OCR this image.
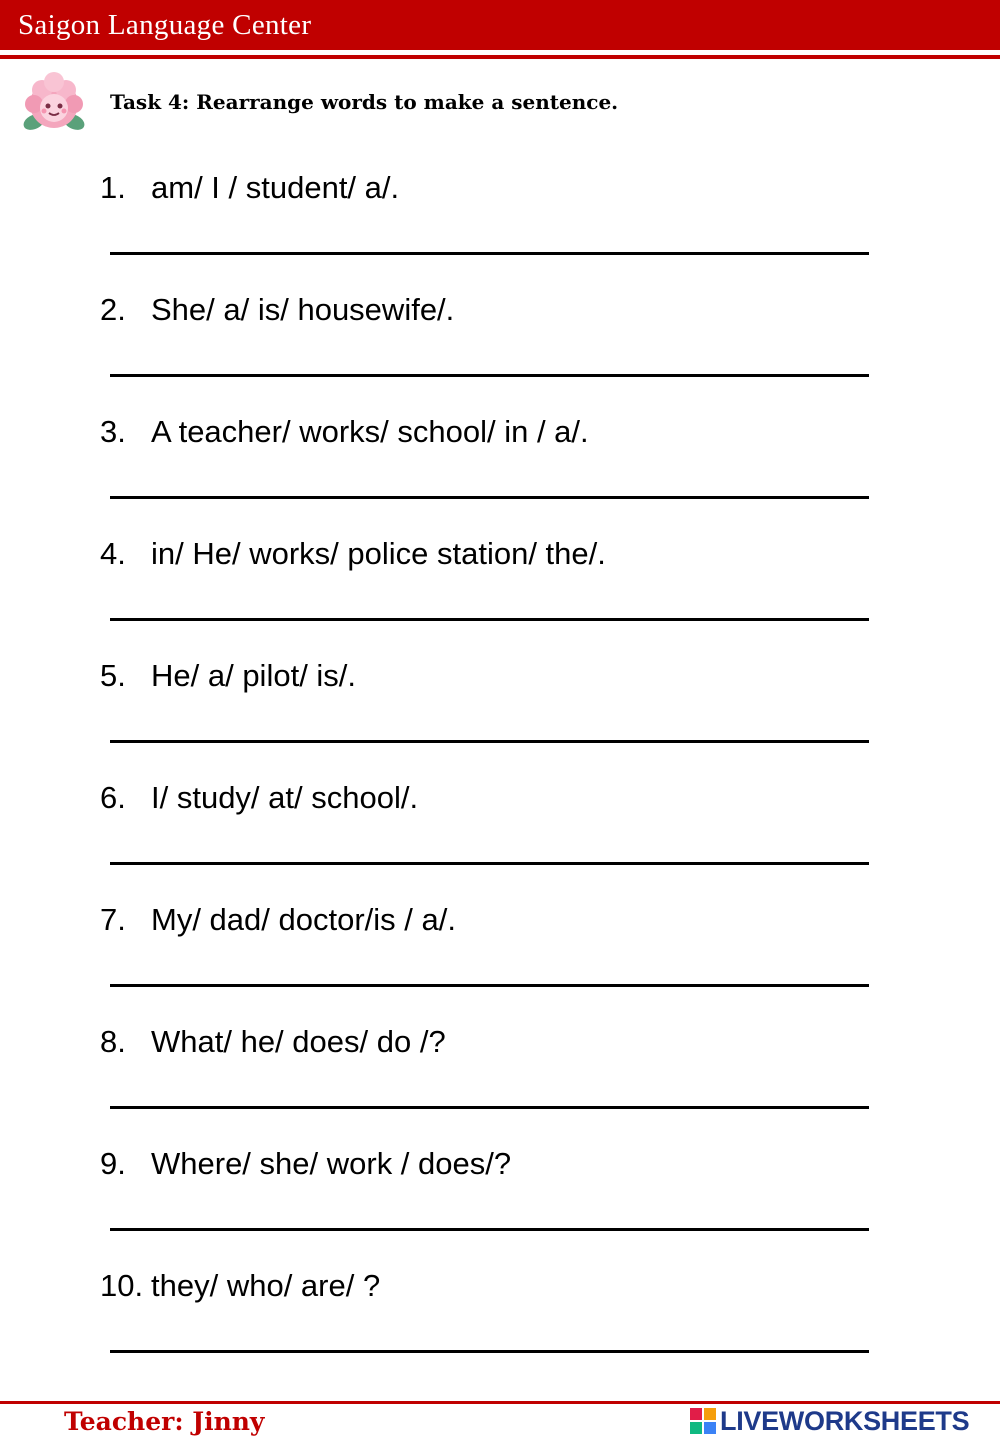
Saigon Language Center
Task 4: Rearrange words to make a sentence.
1. am/ I / student/ a/.
2. She/ a/ is/ housewife/.
3. A teacher/ works/ school/ in / a/.
4. in/ He/ works/ police station/ the/.
5. He/ a/ pilot/ is/.
6. I/ study/ at/ school/.
7. My/ dad/ doctor/is / a/.
8. What/ he/ does/ do /?
9. Where/ she/ work / does/?
10. they/ who/ are/ ?
Teacher: Jinny	LIVEWORKSHEETS
